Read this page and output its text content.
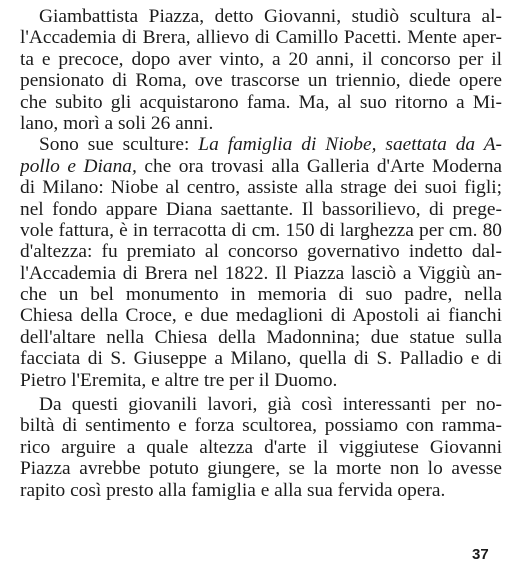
Giambattista Piazza, detto Giovanni, studiò scultura al-
l'Accademia di Brera, allievo di Camillo Pacetti. Mente aper-
ta e precoce, dopo aver vinto, a 20 anni, il concorso per il
pensionato di Roma, ove trascorse un triennio, diede opere
che subito gli acquistarono fama. Ma, al suo ritorno a Mi-
lano, morì a soli 26 anni.
Sono sue sculture: La famiglia di Niobe, saettata da A-
pollo e Diana, che ora trovasi alla Galleria d'Arte Moderna
di Milano: Niobe al centro, assiste alla strage dei suoi figli;
nel fondo appare Diana saettante. Il bassorilievo, di prege-
vole fattura, è in terracotta di cm. 150 di larghezza per cm. 80
d'altezza: fu premiato al concorso governativo indetto dal-
l'Accademia di Brera nel 1822. Il Piazza lasciò a Viggiù an-
che un bel monumento in memoria di suo padre, nella
Chiesa della Croce, e due medaglioni di Apostoli ai fianchi
dell'altare nella Chiesa della Madonnina; due statue sulla
facciata di S. Giuseppe a Milano, quella di S. Palladio e di
Pietro l'Eremita, e altre tre per il Duomo.
Da questi giovanili lavori, già così interessanti per no-
biltà di sentimento e forza scultorea, possiamo con ramma-
rico arguire a quale altezza d'arte il viggiutese Giovanni
Piazza avrebbe potuto giungere, se la morte non lo avesse
rapito così presto alla famiglia e alla sua fervida opera.
37
